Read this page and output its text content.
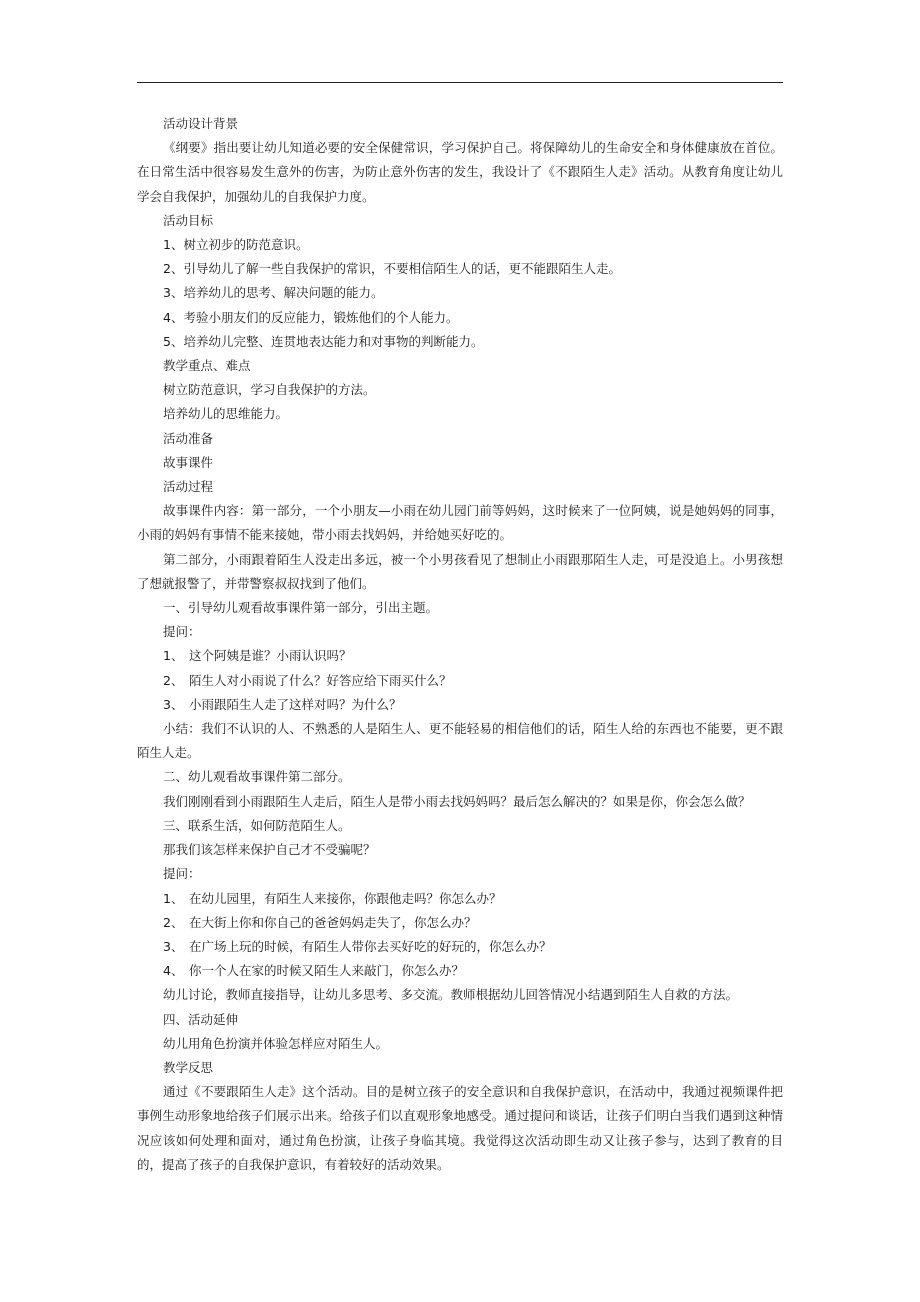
活动设计背景

《纲要》指出要让幼儿知道必要的安全保健常识，学习保护自己。将保障幼儿的生命安全和身体健康放在首位。在日常生活中很容易发生意外的伤害，为防止意外伤害的发生，我设计了《不跟陌生人走》活动。从教育角度让幼儿学会自我保护，加强幼儿的自我保护力度。

活动目标

1、树立初步的防范意识。
2、引导幼儿了解一些自我保护的常识，不要相信陌生人的话，更不能跟陌生人走。
3、培养幼儿的思考、解决问题的能力。
4、考验小朋友们的反应能力，锻炼他们的个人能力。
5、培养幼儿完整、连贯地表达能力和对事物的判断能力。

教学重点、难点

树立防范意识，学习自我保护的方法。

培养幼儿的思维能力。

活动准备

故事课件

活动过程

故事课件内容：第一部分，一个小朋友—小雨在幼儿园门前等妈妈，这时候来了一位阿姨，说是她妈妈的同事，小雨的妈妈有事情不能来接她，带小雨去找妈妈，并给她买好吃的。

第二部分，小雨跟着陌生人没走出多远，被一个小男孩看见了想制止小雨跟那陌生人走，可是没追上。小男孩想了想就报警了，并带警察叔叔找到了他们。

一、引导幼儿观看故事课件第一部分，引出主题。

提问：

1、 这个阿姨是谁？小雨认识吗？
2、 陌生人对小雨说了什么？好答应给下雨买什么？
3、 小雨跟陌生人走了这样对吗？为什么？

小结：我们不认识的人、不熟悉的人是陌生人、更不能轻易的相信他们的话，陌生人给的东西也不能要，更不跟陌生人走。

二、幼儿观看故事课件第二部分。

我们刚刚看到小雨跟陌生人走后，陌生人是带小雨去找妈妈吗？最后怎么解决的？如果是你，你会怎么做？

三、联系生活，如何防范陌生人。

那我们该怎样来保护自己才不受骗呢？

提问：

1、 在幼儿园里，有陌生人来接你，你跟他走吗？你怎么办？
2、 在大街上你和你自己的爸爸妈妈走失了，你怎么办？
3、 在广场上玩的时候，有陌生人带你去买好吃的好玩的，你怎么办？
4、 你一个人在家的时候又陌生人来敲门，你怎么办？

幼儿讨论，教师直接指导，让幼儿多思考、多交流。教师根据幼儿回答情况小结遇到陌生人自救的方法。

四、活动延伸

幼儿用角色扮演并体验怎样应对陌生人。

教学反思

通过《不要跟陌生人走》这个活动。目的是树立孩子的安全意识和自我保护意识，在活动中，我通过视频课件把事例生动形象地给孩子们展示出来。给孩子们以直观形象地感受。通过提问和谈话，让孩子们明白当我们遇到这种情况应该如何处理和面对，通过角色扮演，让孩子身临其境。我觉得这次活动即生动又让孩子参与，达到了教育的目的，提高了孩子的自我保护意识，有着较好的活动效果。
